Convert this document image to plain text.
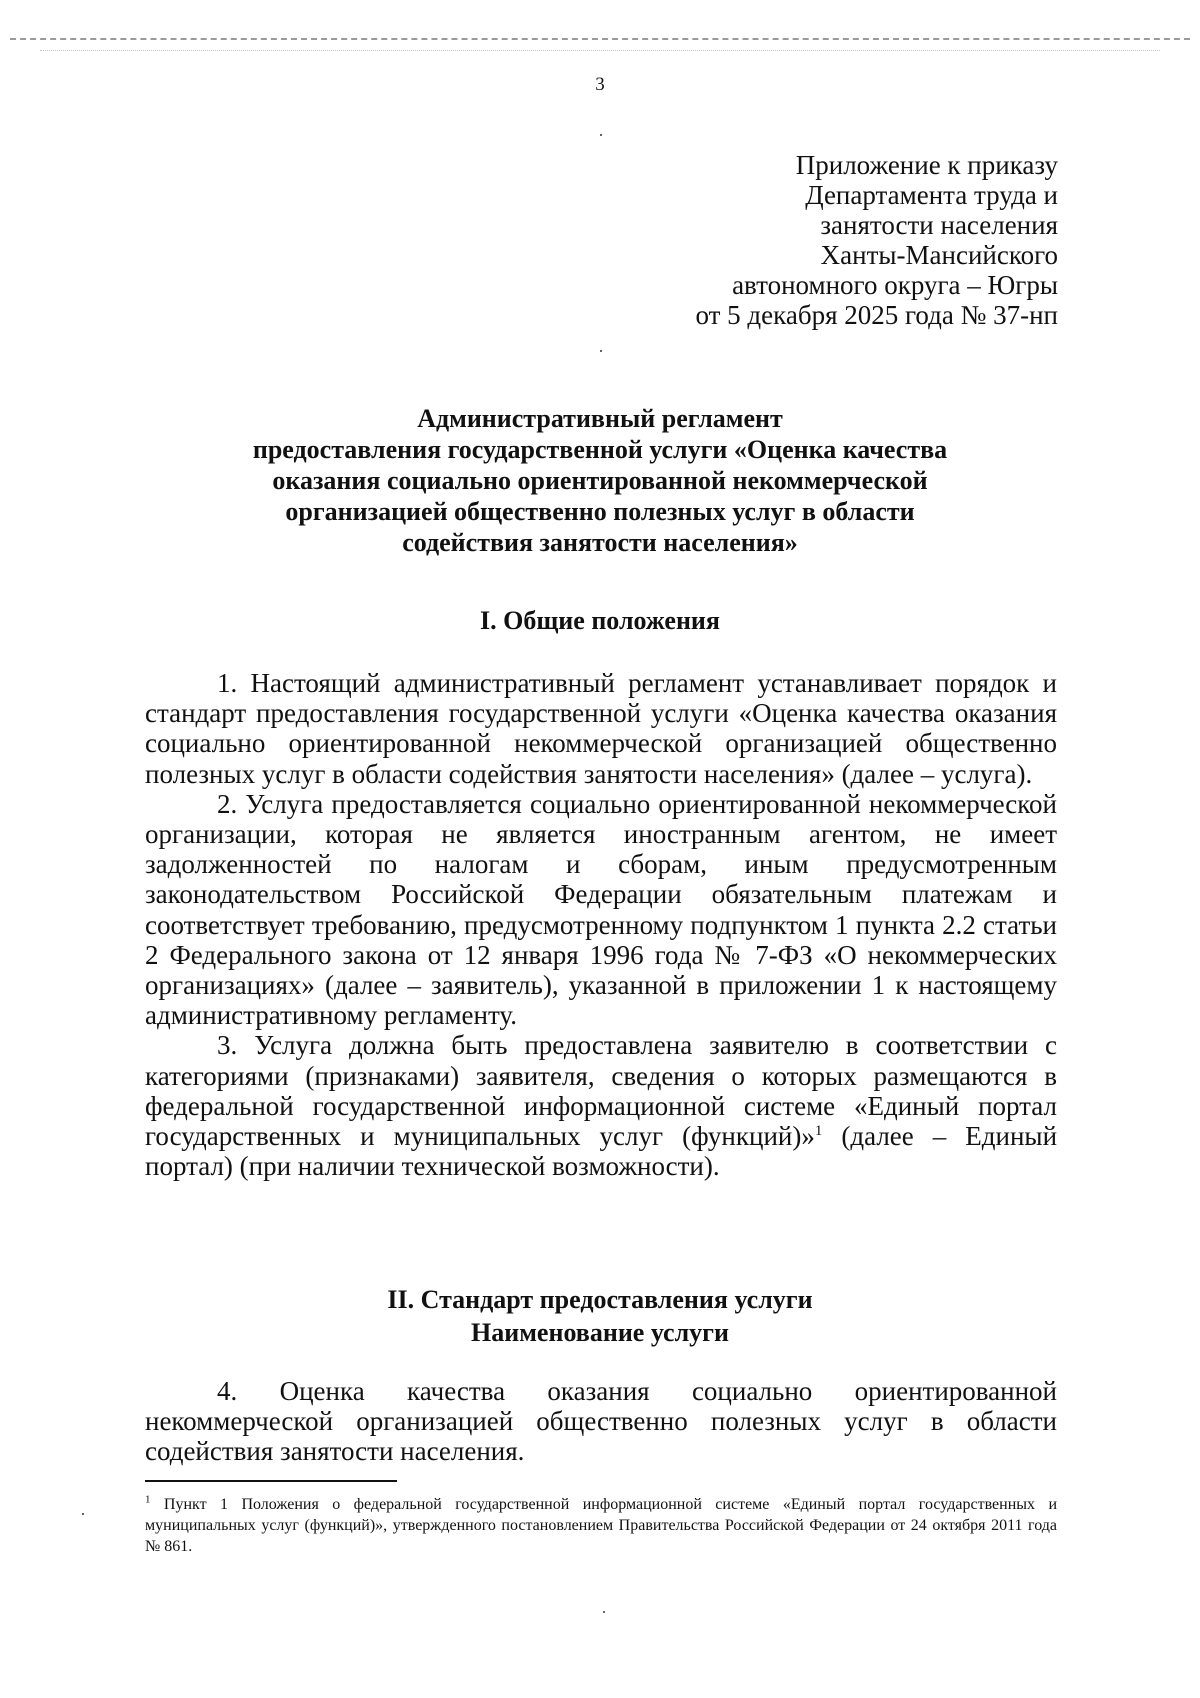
3
Приложение к приказу
Департамента труда и
занятости населения
Ханты-Мансийского
автономного округа – Югры
от 5 декабря 2025 года № 37-нп
Административный регламент
предоставления государственной услуги «Оценка качества
оказания социально ориентированной некоммерческой
организацией общественно полезных услуг в области
содействия занятости населения»
I. Общие положения

1. Настоящий административный регламент устанавливает порядок и стандарт предоставления государственной услуги «Оценка качества оказания социально ориентированной некоммерческой организацией общественно полезных услуг в области содействия занятости населения» (далее – услуга).

2. Услуга предоставляется социально ориентированной некоммерческой организации, которая не является иностранным агентом, не имеет задолженностей по налогам и сборам, иным предусмотренным законодательством Российской Федерации обязательным платежам и соответствует требованию, предусмотренному подпунктом 1 пункта 2.2 статьи 2 Федерального закона от 12 января 1996 года № 7-ФЗ «О некоммерческих организациях» (далее – заявитель), указанной в приложении 1 к настоящему административному регламенту.

3. Услуга должна быть предоставлена заявителю в соответствии с категориями (признаками) заявителя, сведения о которых размещаются в федеральной государственной информационной системе «Единый портал государственных и муниципальных услуг (функций)»$^1$ (далее – Единый портал) (при наличии технической возможности).

II. Стандарт предоставления услуги
Наименование услуги

4. Оценка качества оказания социально ориентированной некоммерческой организацией общественно полезных услуг в области содействия занятости населения.

$^1$ Пункт 1 Положения о федеральной государственной информационной системе «Единый портал государственных и муниципальных услуг (функций)», утвержденного постановлением Правительства Российской Федерации от 24 октября 2011 года № 861.
